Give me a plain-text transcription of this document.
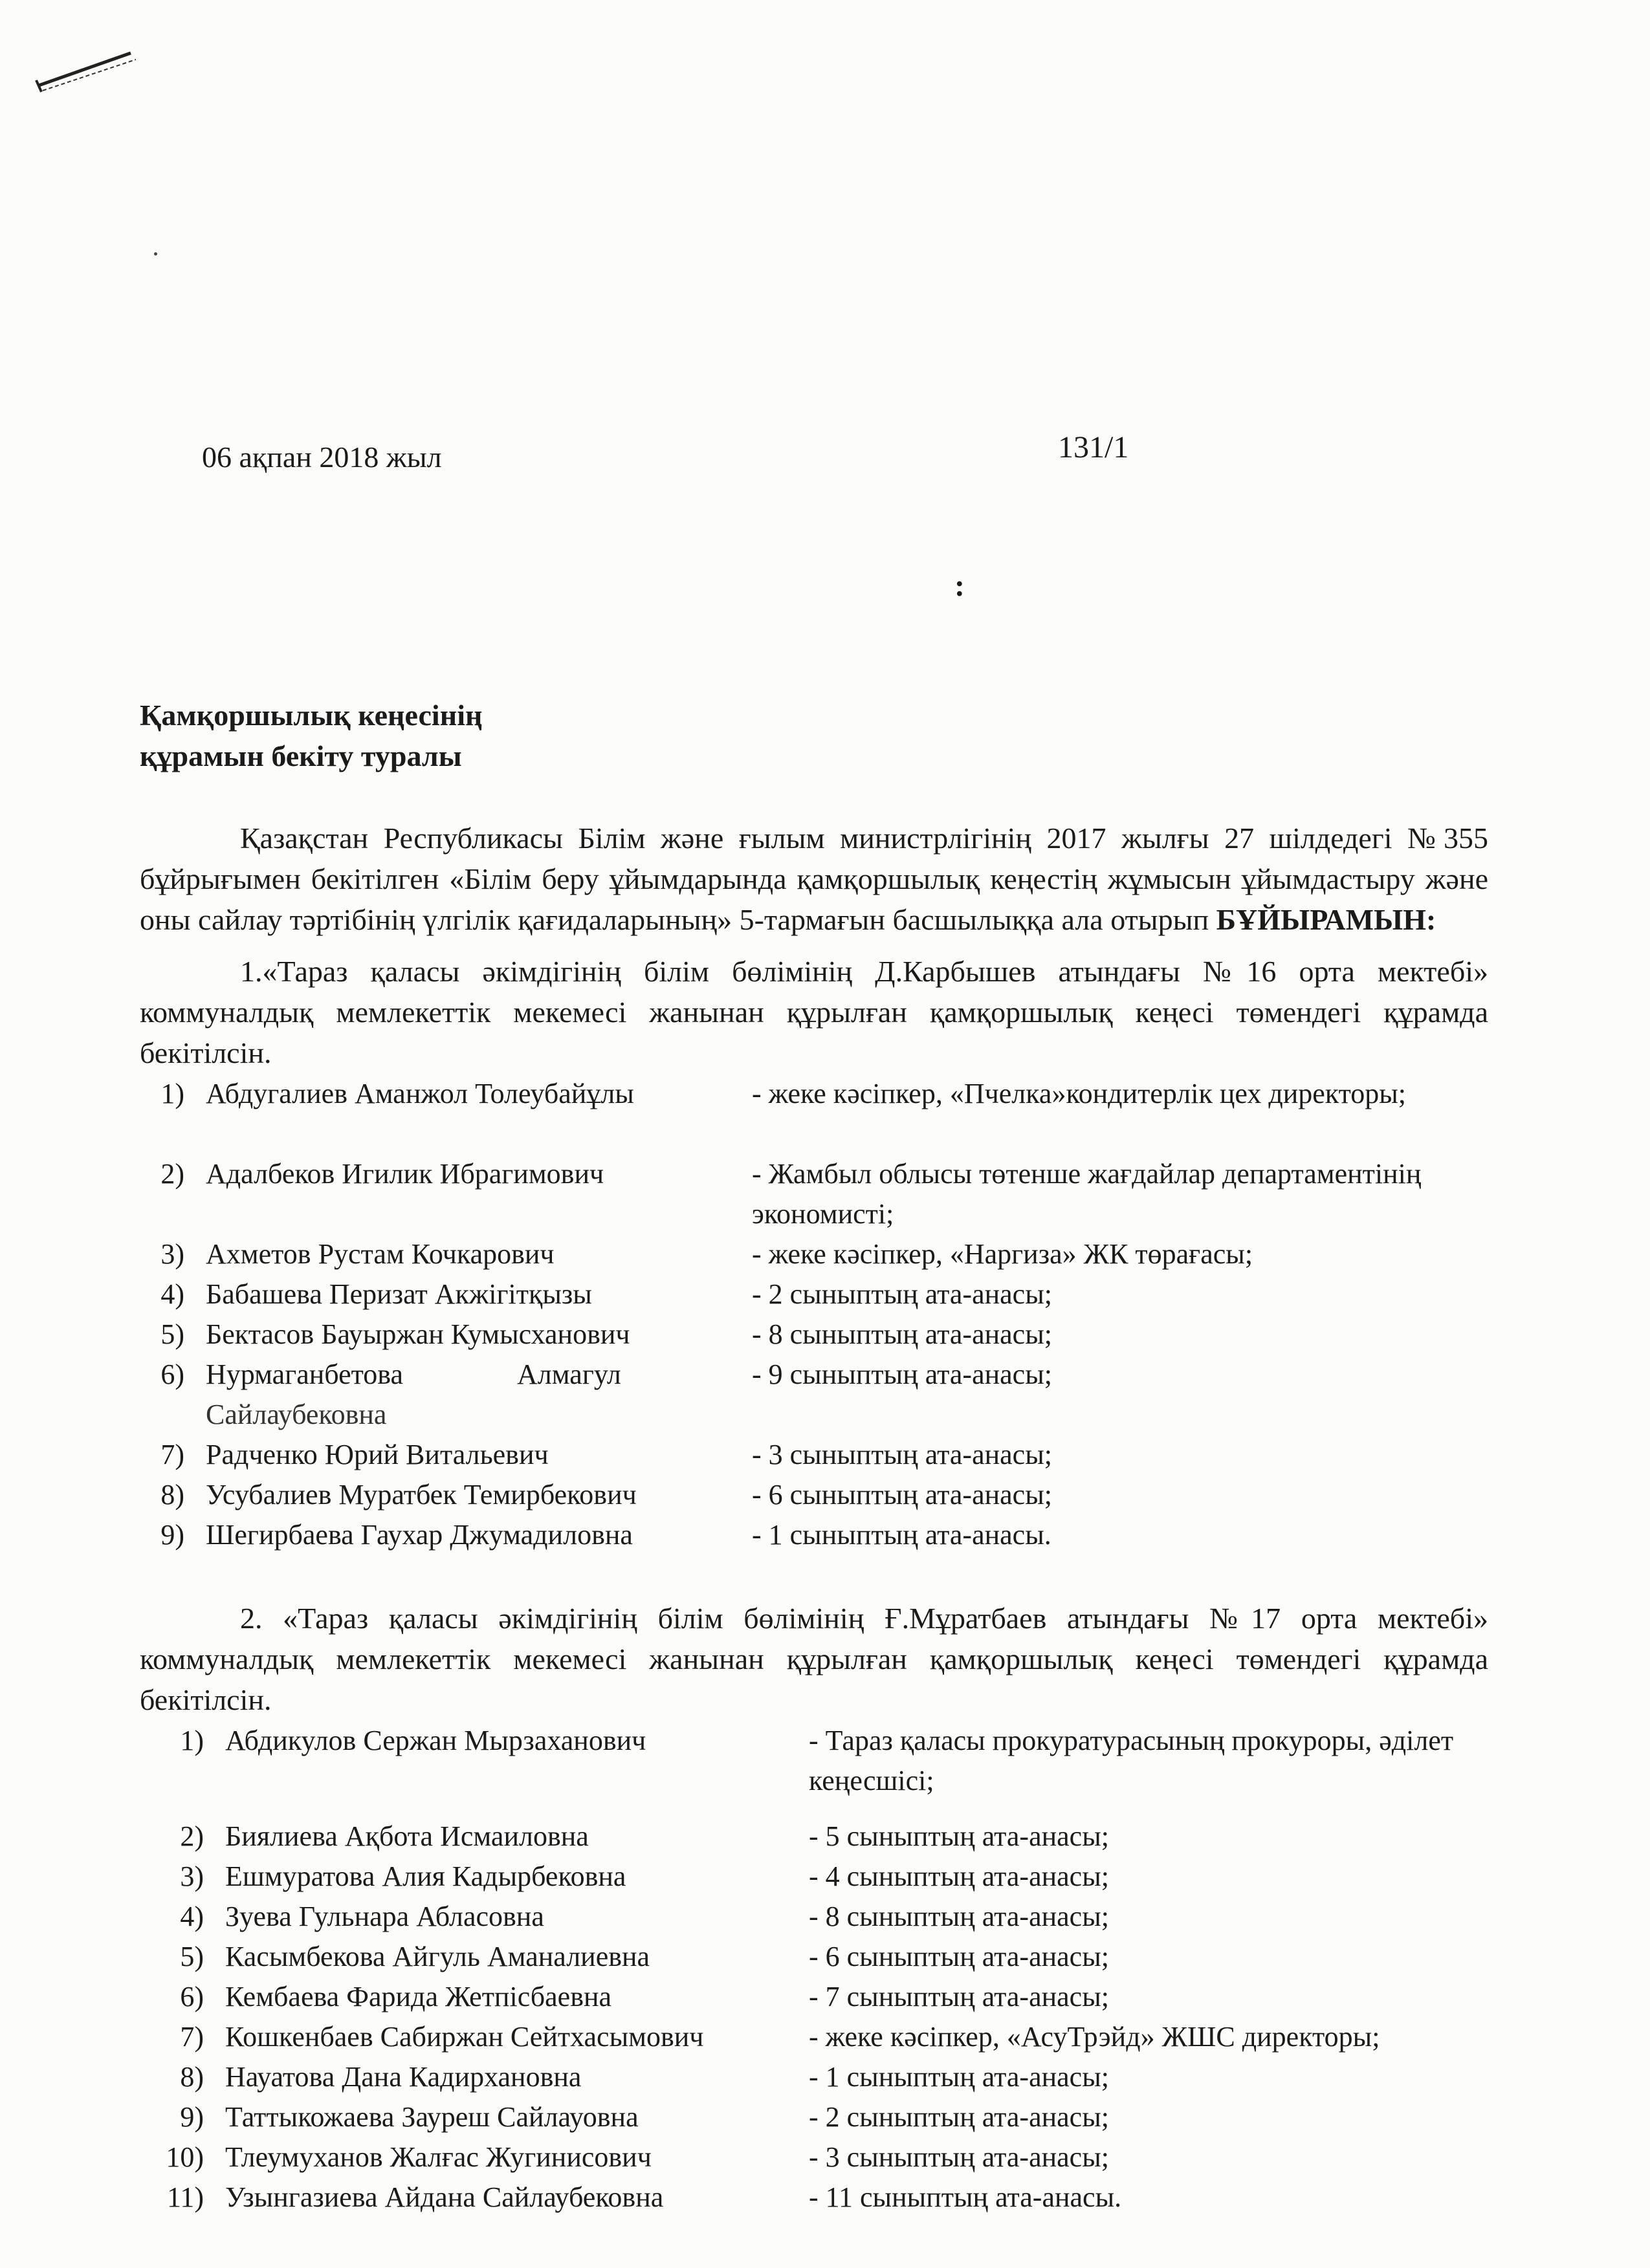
06 ақпан 2018 жыл	131/1
:
Қамқоршылық кеңесінің
құрамын бекіту туралы
Қазақстан Республикасы Білім және ғылым министрлігінің 2017 жылғы 27 шілдедегі №355 бұйрығымен бекітілген «Білім беру ұйымдарында қамқоршылық кеңестің жұмысын ұйымдастыру және оны сайлау тәртібінің үлгілік қағидаларының» 5-тармағын басшылыққа ала отырып БҰЙЫРАМЫН:
1.«Тараз қаласы әкімдігінің білім бөлімінің Д.Карбышев атындағы №16 орта мектебі» коммуналдық мемлекеттік мекемесі жанынан құрылған қамқоршылық кеңесі төмендегі құрамда бекітілсін.
1) Абдугалиев Аманжол Толеубайұлы	- жеке кәсіпкер, «Пчелка»кондитерлік цех директоры;
2) Адалбеков Игилик Ибрагимович	- Жамбыл облысы төтенше жағдайлар департаментінің экономисті;
3) Ахметов Рустам Кочкарович	- жеке кәсіпкер, «Наргиза» ЖК төрағасы;
4) Бабашева Перизат Акжігітқызы	- 2 сыныптың ата-анасы;
5) Бектасов Бауыржан Кумысханович	- 8 сыныптың ата-анасы;
6) Нурмаганбетова                Алмагул	- 9 сыныптың ата-анасы;
Сайлаубековна
7) Радченко Юрий Витальевич	- 3 сыныптың ата-анасы;
8) Усубалиев Муратбек Темирбекович	- 6 сыныптың ата-анасы;
9) Шегирбаева Гаухар Джумадиловна	- 1 сыныптың ата-анасы.
2. «Тараз қаласы әкімдігінің білім бөлімінің Ғ.Мұратбаев атындағы №17 орта мектебі» коммуналдық мемлекеттік мекемесі жанынан құрылған қамқоршылық кеңесі төмендегі құрамда бекітілсін.
1) Абдикулов Сержан Мырзаханович	- Тараз қаласы прокуратурасының прокуроры, әділет кеңесшісі;
2) Биялиева Ақбота Исмаиловна	- 5 сыныптың ата-анасы;
3) Ешмуратова Алия Кадырбековна	- 4 сыныптың ата-анасы;
4) Зуева Гульнара Абласовна	- 8 сыныптың ата-анасы;
5) Касымбекова Айгуль Аманалиевна	- 6 сыныптың ата-анасы;
6) Кембаева Фарида Жетпісбаевна	- 7 сыныптың ата-анасы;
7) Кошкенбаев Сабиржан Сейтхасымович	- жеке кәсіпкер, «АсуТрэйд» ЖШС директоры;
8) Науатова Дана Кадирхановна	- 1 сыныптың ата-анасы;
9) Таттыкожаева Зауреш Сайлауовна	- 2 сыныптың ата-анасы;
10) Тлеумуханов Жалғас Жугинисович	- 3 сыныптың ата-анасы;
11) Узынгазиева Айдана Сайлаубековна	- 11 сыныптың ата-анасы.
